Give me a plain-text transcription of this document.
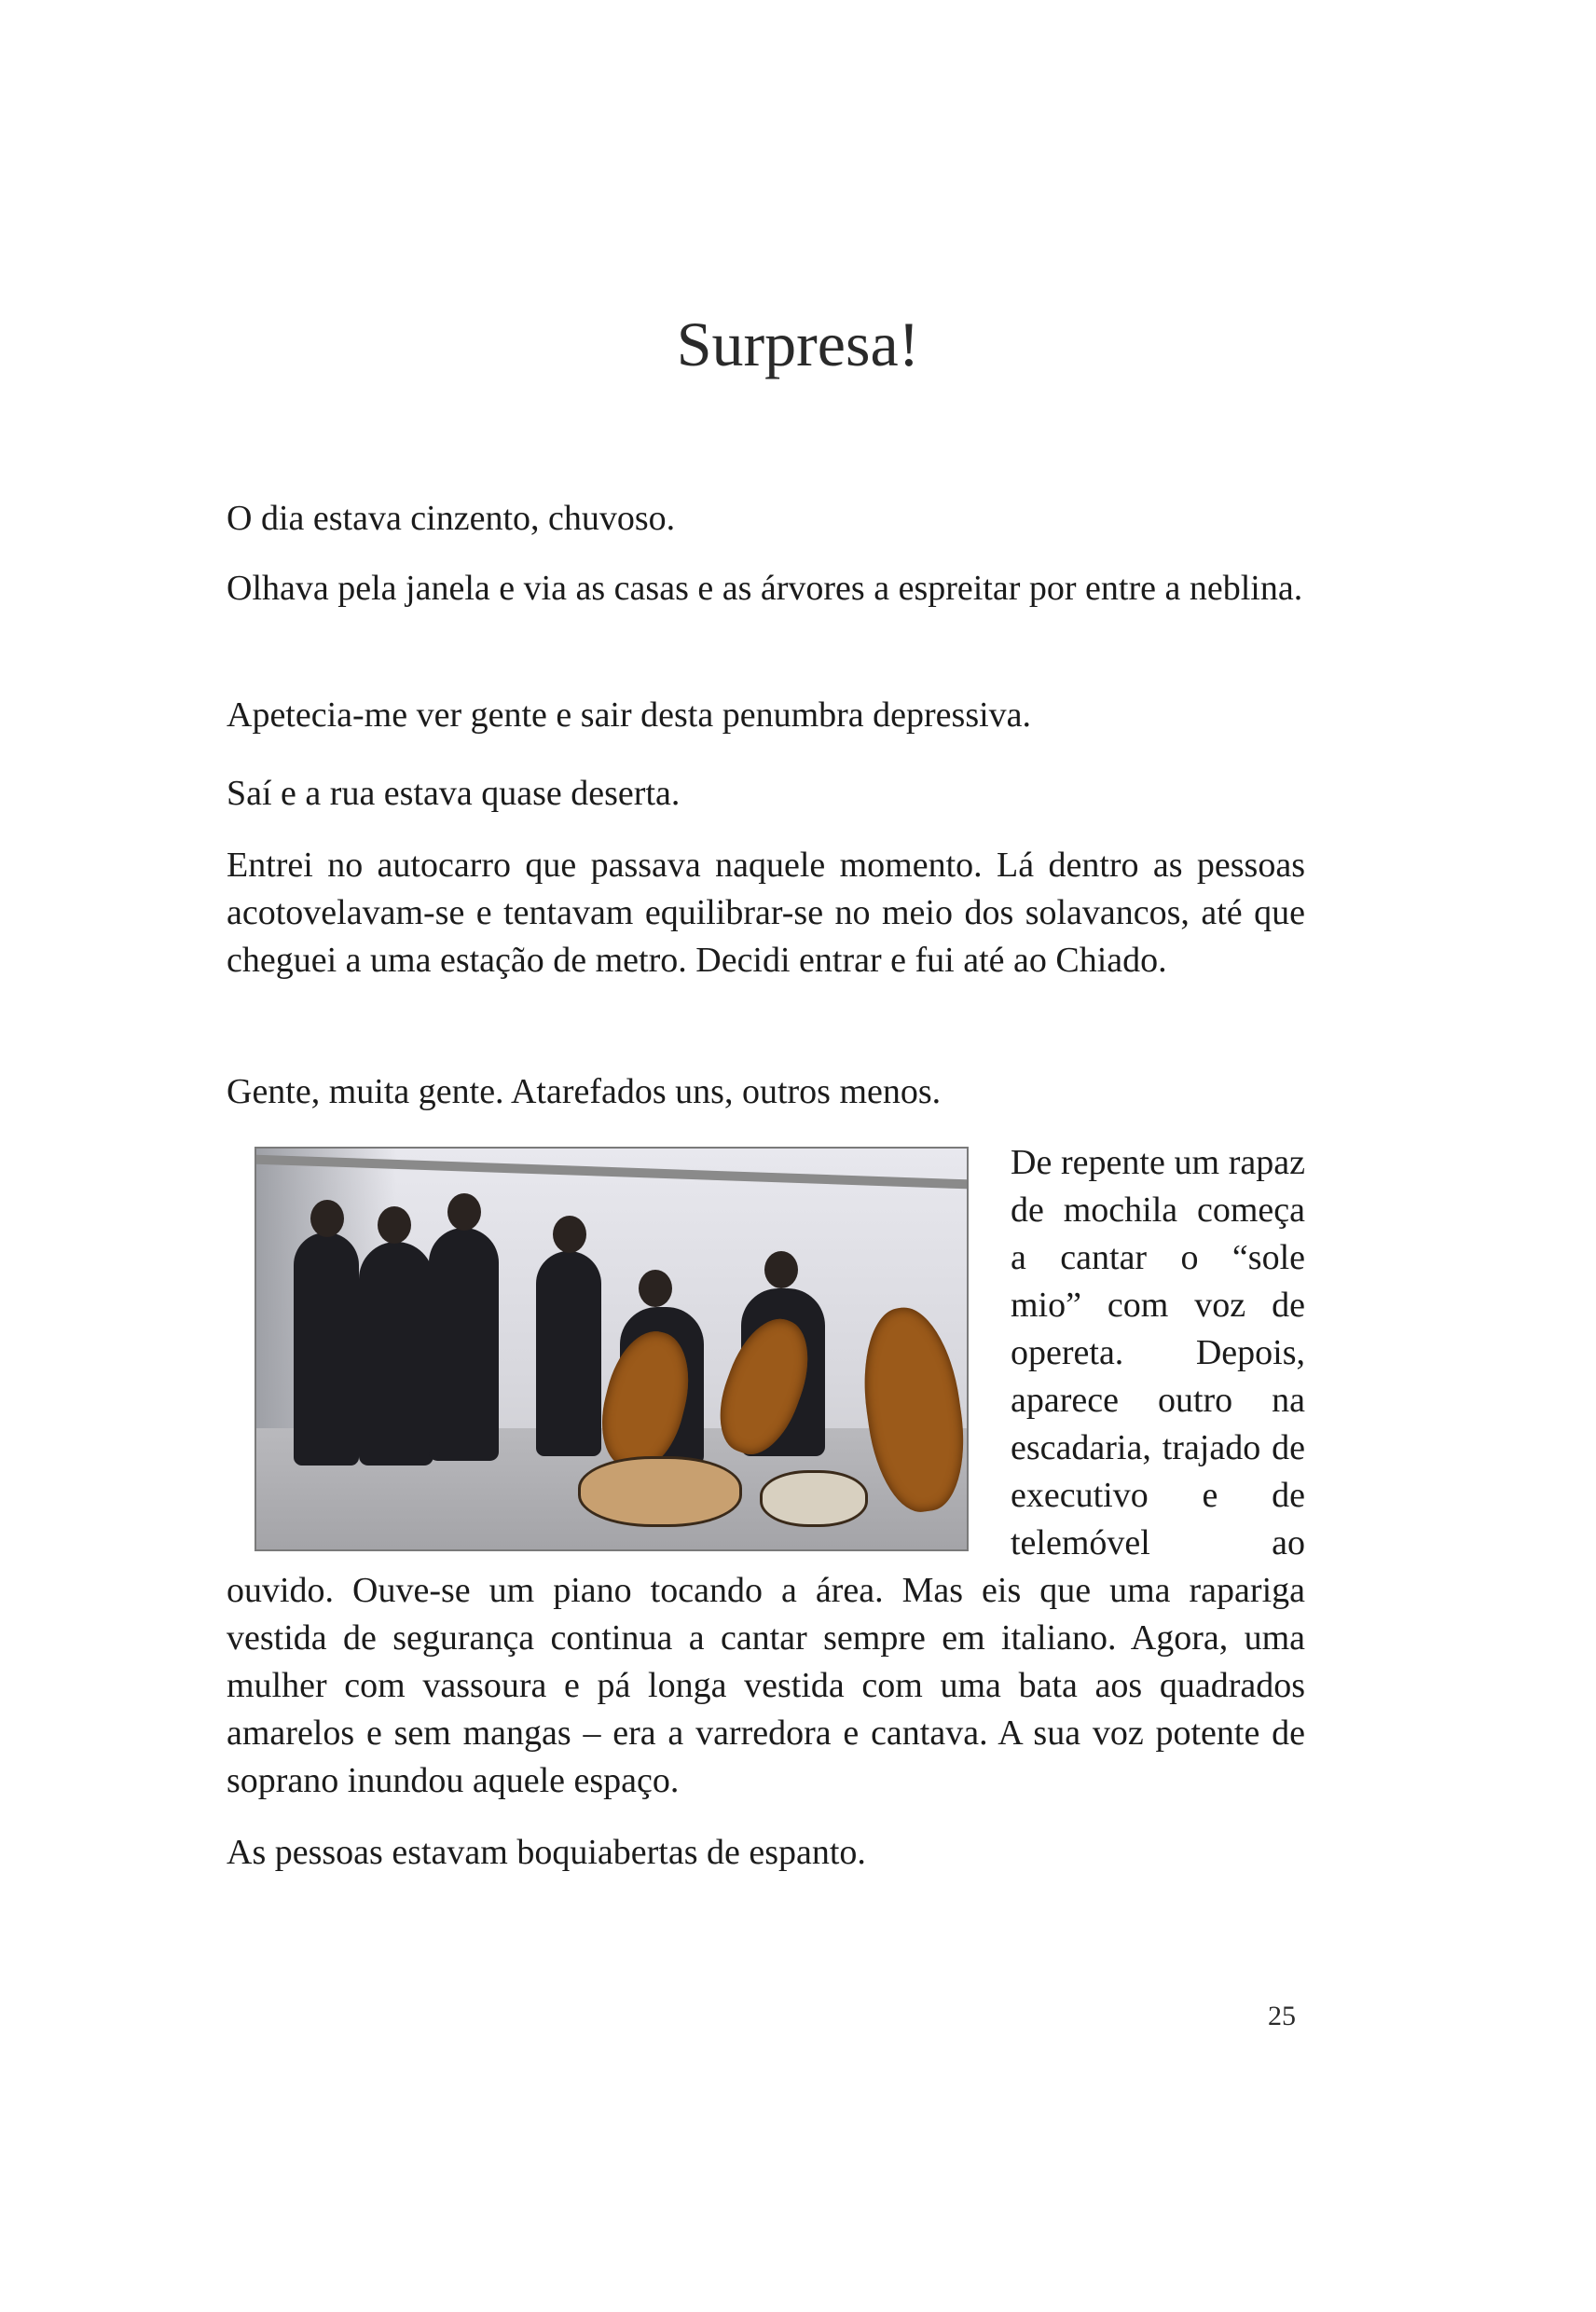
Surpresa!

O dia estava cinzento, chuvoso.

Olhava pela janela e via as casas e as árvores a espreitar por entre a neblina.

Apetecia-me ver gente e sair desta penumbra depressiva.

Saí e a rua estava quase deserta.

Entrei no autocarro que passava naquele momento. Lá dentro as pessoas acotovelavam-se e tentavam equilibrar-se no meio dos solavancos, até que cheguei a uma estação de metro. Decidi entrar e fui até ao Chiado.

Gente, muita gente. Atarefados uns, outros menos.

De repente um rapaz de mochila começa a cantar o “sole mio” com voz de opereta. Depois, aparece outro na escadaria, trajado de executivo e de telemóvel ao ouvido. Ouve-se um piano tocando a área. Mas eis que uma rapariga vestida de segurança continua a cantar sempre em italiano. Agora, uma mulher com vassoura e pá longa vestida com uma bata aos quadrados amarelos e sem mangas – era a varredora e cantava. A sua voz potente de soprano inundou aquele espaço.
As pessoas estavam boquiabertas de espanto.
25
